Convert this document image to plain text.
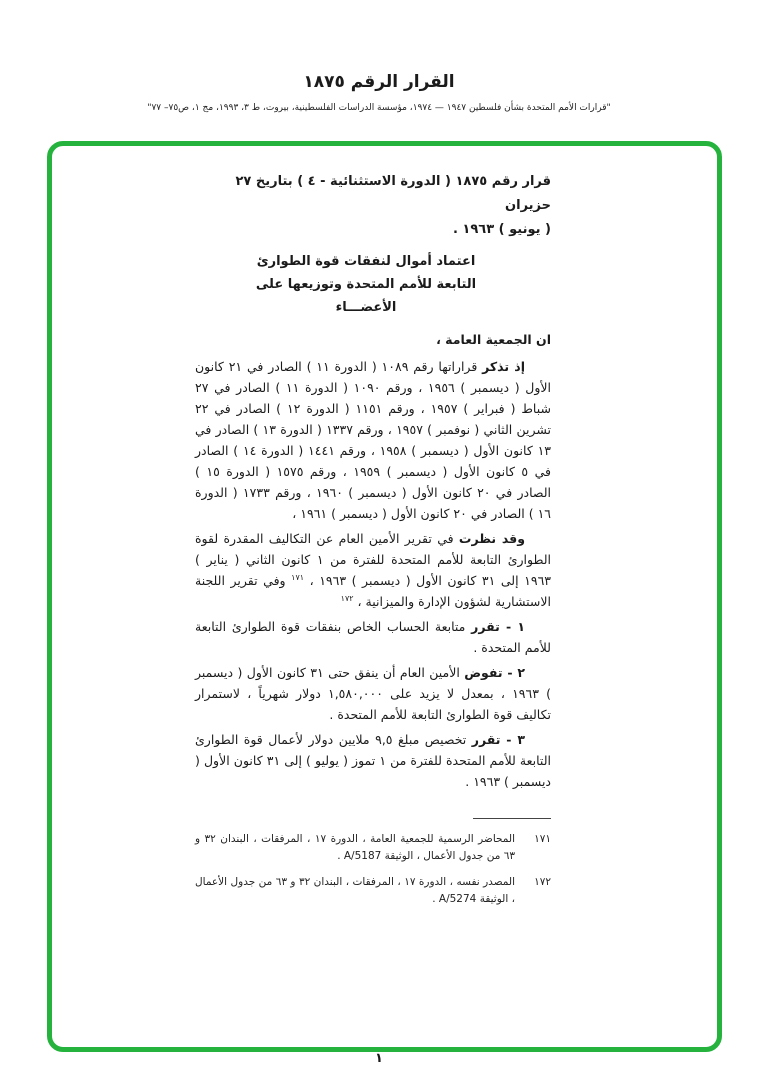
القرار الرقم ١٨٧٥
"قرارات الأمم المتحدة بشأن فلسطين ١٩٤٧ — ١٩٧٤، مؤسسة الدراسات الفلسطينية، بيروت، ط ٣، ١٩٩٣، مج ١، ص٧٥– ٧٧"
قرار رقم ١٨٧٥ ( الدورة الاستثنائية - ٤ ) بتاريخ ٢٧ حزيران
( يونيو ) ١٩٦٣ .
اعتماد أموال لنفقات قوة الطوارئ
التابعة للأمم المتحدة وتوزيعها على
الأعضـــاء
ان الجمعية العامة ،

إذ تذكر قراراتها رقم ١٠٨٩ ( الدورة ١١ ) الصادر في ٢١ كانون الأول ( ديسمبر ) ١٩٥٦ ، ورقم ١٠٩٠ ( الدورة ١١ ) الصادر في ٢٧ شباط ( فبراير ) ١٩٥٧ ، ورقم ١١٥١ ( الدورة ١٢ ) الصادر في ٢٢ تشرين الثاني ( نوفمبر ) ١٩٥٧ ، ورقم ١٣٣٧ ( الدورة ١٣ ) الصادر في ١٣ كانون الأول ( ديسمبر ) ١٩٥٨ ، ورقم ١٤٤١ ( الدورة ١٤ ) الصادر في ٥ كانون الأول ( ديسمبر ) ١٩٥٩ ، ورقم ١٥٧٥ ( الدورة ١٥ ) الصادر في ٢٠ كانون الأول ( ديسمبر ) ١٩٦٠ ، ورقم ١٧٣٣ ( الدورة ١٦ ) الصادر في ٢٠ كانون الأول ( ديسمبر ) ١٩٦١ ،

وقد نظرت في تقرير الأمين العام عن التكاليف المقدرة لقوة الطوارئ التابعة للأمم المتحدة للفترة من ١ كانون الثاني ( يناير ) ١٩٦٣ إلى ٣١ كانون الأول ( ديسمبر ) ١٩٦٣ ، $^{١٧١}$ وفي تقرير اللجنة الاستشارية لشؤون الإدارة والميزانية ، $^{١٧٢}$

١ - تقرر متابعة الحساب الخاص بنفقات قوة الطوارئ التابعة للأمم المتحدة .

٢ - تفوض الأمين العام أن ينفق حتى ٣١ كانون الأول ( ديسمبر ) ١٩٦٣ ، بمعدل لا يزيد على ١,٥٨٠,٠٠٠ دولار شهرياً ، لاستمرار تكاليف قوة الطوارئ التابعة للأمم المتحدة .

٣ - تقرر تخصيص مبلغ ٩,٥ ملايين دولار لأعمال قوة الطوارئ التابعة للأمم المتحدة للفترة من ١ تموز ( يوليو ) إلى ٣١ كانون الأول ( ديسمبر ) ١٩٦٣ .

١٧١
المحاضر الرسمية للجمعية العامة ، الدورة ١٧ ، المرفقات ، البندان ٣٢ و ٦٣ من جدول الأعمال ، الوثيقة A/5187 .
١٧٢
المصدر نفسه ، الدورة ١٧ ، المرفقات ، البندان ٣٢ و ٦٣ من جدول الأعمال ، الوثيقة A/5274 .
١
